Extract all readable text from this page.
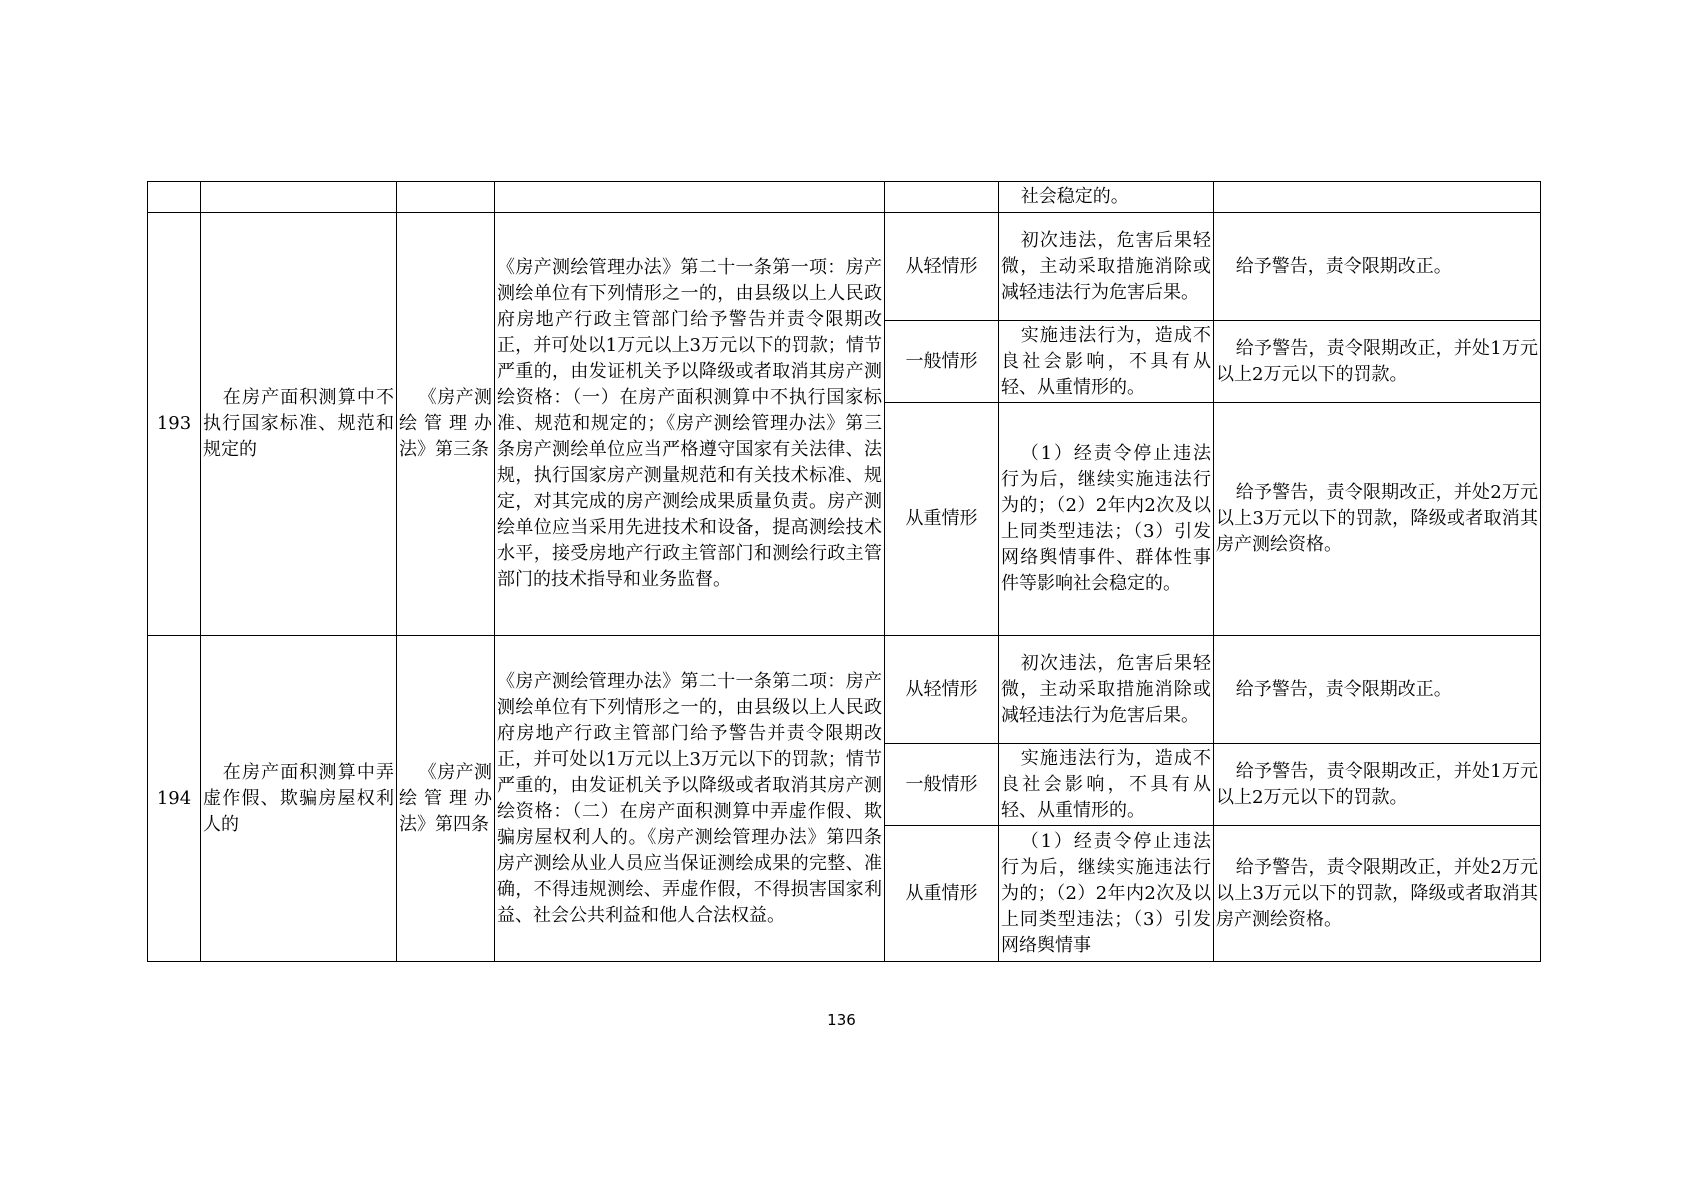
					社会稳定的。	
193	在房产面积测算中不执行国家标准、规范和规定的	《房产测绘管理办法》第三条	《房产测绘管理办法》第二十一条第一项：房产测绘单位有下列情形之一的，由县级以上人民政府房地产行政主管部门给予警告并责令限期改正，并可处以1万元以上3万元以下的罚款；情节严重的，由发证机关予以降级或者取消其房产测绘资格：（一）在房产面积测算中不执行国家标准、规范和规定的；《房产测绘管理办法》第三条房产测绘单位应当严格遵守国家有关法律、法规，执行国家房产测量规范和有关技术标准、规定，对其完成的房产测绘成果质量负责。房产测绘单位应当采用先进技术和设备，提高测绘技术水平，接受房地产行政主管部门和测绘行政主管部门的技术指导和业务监督。	从轻情形	初次违法，危害后果轻微，主动采取措施消除或减轻违法行为危害后果。	给予警告，责令限期改正。
				一般情形	实施违法行为，造成不良社会影响，不具有从轻、从重情形的。	给予警告，责令限期改正，并处1万元以上2万元以下的罚款。
				从重情形	（1）经责令停止违法行为后，继续实施违法行为的；（2）2年内2次及以上同类型违法；（3）引发网络舆情事件、群体性事件等影响社会稳定的。	给予警告，责令限期改正，并处2万元以上3万元以下的罚款，降级或者取消其房产测绘资格。
194	在房产面积测算中弄虚作假、欺骗房屋权利人的	《房产测绘管理办法》第四条	《房产测绘管理办法》第二十一条第二项：房产测绘单位有下列情形之一的，由县级以上人民政府房地产行政主管部门给予警告并责令限期改正，并可处以1万元以上3万元以下的罚款；情节严重的，由发证机关予以降级或者取消其房产测绘资格：（二）在房产面积测算中弄虚作假、欺骗房屋权利人的。《房产测绘管理办法》第四条房产测绘从业人员应当保证测绘成果的完整、准确，不得违规测绘、弄虚作假，不得损害国家利益、社会公共利益和他人合法权益。	从轻情形	初次违法，危害后果轻微，主动采取措施消除或减轻违法行为危害后果。	给予警告，责令限期改正。
				一般情形	实施违法行为，造成不良社会影响，不具有从轻、从重情形的。	给予警告，责令限期改正，并处1万元以上2万元以下的罚款。
				从重情形	（1）经责令停止违法行为后，继续实施违法行为的；（2）2年内2次及以上同类型违法；（3）引发网络舆情事	给予警告，责令限期改正，并处2万元以上3万元以下的罚款，降级或者取消其房产测绘资格。
136
